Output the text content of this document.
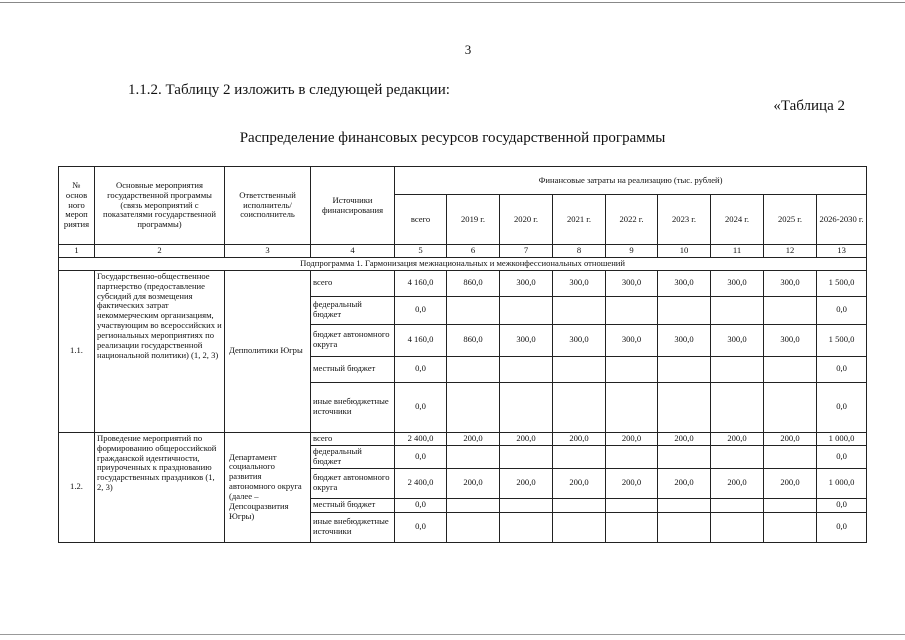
3
1.1.2. Таблицу 2 изложить в следующей редакции:
«Таблица 2
Распределение финансовых ресурсов государственной программы
№ основ ного мероп риятия	Основные мероприятия государственной программы (связь мероприятий с показателями государственной программы)	Ответственный исполнитель/соисполнитель	Источники финансирования	Финансовые затраты на реализацию (тыс. рублей)								
				всего	2019 г.	2020 г.	2021 г.	2022 г.	2023 г.	2024 г.	2025 г.	2026-2030 г.
1	2	3	4	5	6	7	8	9	10	11	12	13
Подпрограмма 1. Гармонизация межнациональных и межконфессиональных отношений												
1.1.	Государственно-общественное партнерство (предоставление субсидий для возмещения фактических затрат некоммерческим организациям, участвующим во всероссийских и региональных мероприятиях по реализации государственной национальной политики) (1, 2, 3)	Депполитики Югры	всего	4 160,0	860,0	300,0	300,0	300,0	300,0	300,0	300,0	1 500,0
			федеральный бюджет	0,0								0,0
			бюджет автономного округа	4 160,0	860,0	300,0	300,0	300,0	300,0	300,0	300,0	1 500,0
			местный бюджет	0,0								0,0
			иные внебюджетные источники	0,0								0,0
1.2.	Проведение мероприятий по формированию общероссийской гражданской идентичности, приуроченных к празднованию государственных праздников (1, 2, 3)	Департамент социального развития автономного округа (далее – Депсоцразвития Югры)	всего	2 400,0	200,0	200,0	200,0	200,0	200,0	200,0	200,0	1 000,0
			федеральный бюджет	0,0								0,0
			бюджет автономного округа	2 400,0	200,0	200,0	200,0	200,0	200,0	200,0	200,0	1 000,0
			местный бюджет	0,0								0,0
			иные внебюджетные источники	0,0								0,0
